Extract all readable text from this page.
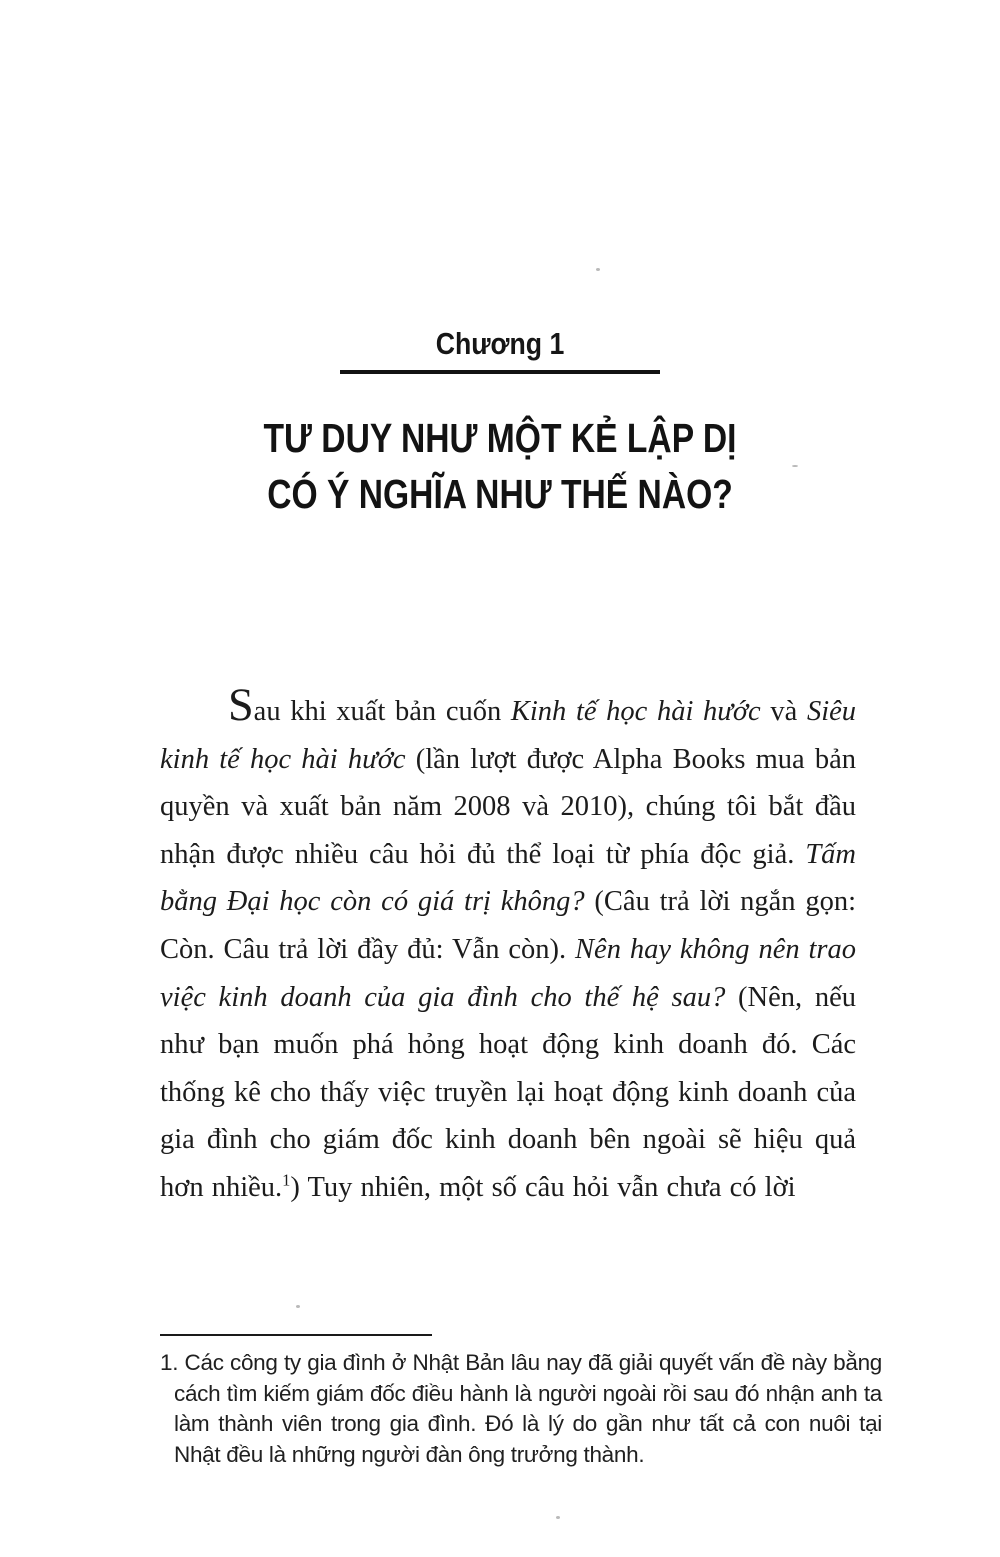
Chương 1
TƯ DUY NHƯ MỘT KẺ LẬP DỊ
CÓ Ý NGHĨA NHƯ THẾ NÀO?

Sau khi xuất bản cuốn Kinh tế học hài hước và Siêu kinh tế học hài hước (lần lượt được Alpha Books mua bản quyền và xuất bản năm 2008 và 2010), chúng tôi bắt đầu nhận được nhiều câu hỏi đủ thể loại từ phía độc giả. Tấm bằng Đại học còn có giá trị không? (Câu trả lời ngắn gọn: Còn. Câu trả lời đầy đủ: Vẫn còn). Nên hay không nên trao việc kinh doanh của gia đình cho thế hệ sau? (Nên, nếu như bạn muốn phá hỏng hoạt động kinh doanh đó. Các thống kê cho thấy việc truyền lại hoạt động kinh doanh của gia đình cho giám đốc kinh doanh bên ngoài sẽ hiệu quả hơn nhiều.$^1$) Tuy nhiên, một số câu hỏi vẫn chưa có lời

1. Các công ty gia đình ở Nhật Bản lâu nay đã giải quyết vấn đề này bằng cách tìm kiếm giám đốc điều hành là người ngoài rồi sau đó nhận anh ta làm thành viên trong gia đình. Đó là lý do gần như tất cả con nuôi tại Nhật đều là những người đàn ông trưởng thành.
